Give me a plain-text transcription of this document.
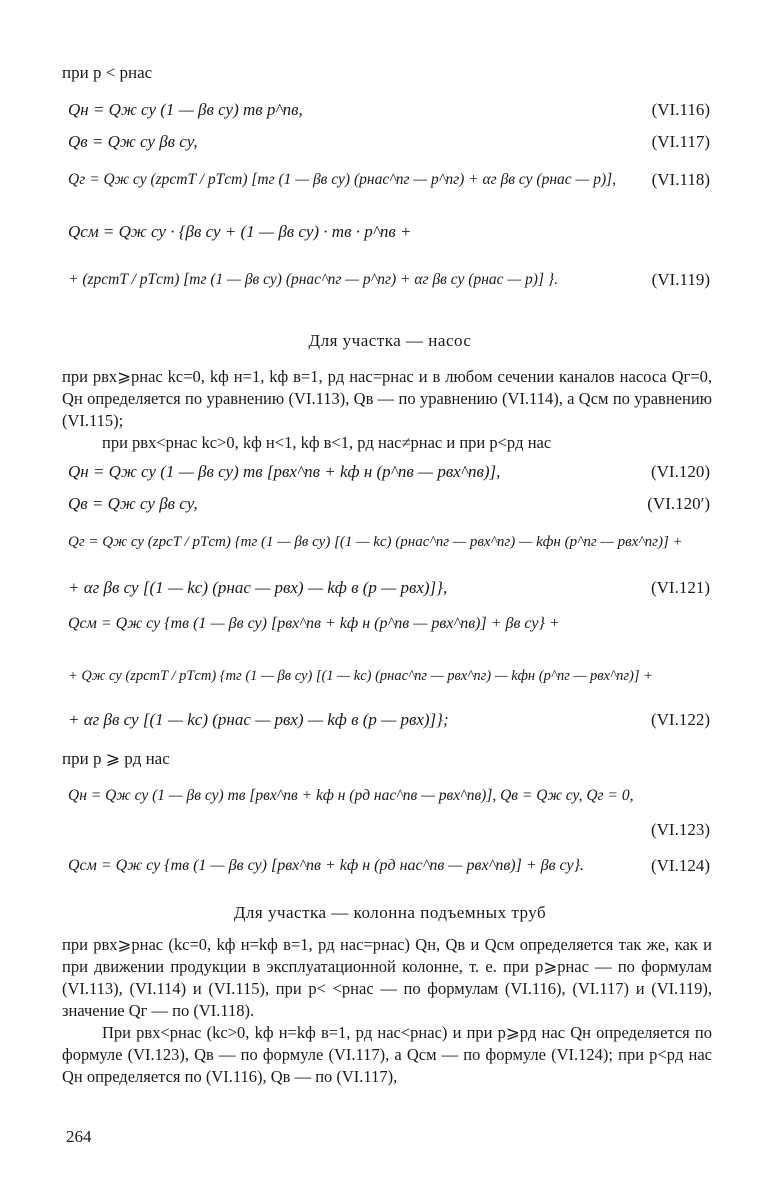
при p < pнас
Qн = Qж су (1 — βв су) mв p^nв,	(VI.116)
Qв = Qж су βв су,	(VI.117)
Qг = Qж су (zpстT / pTст) [mг (1 — βв су) (pнас^nг — p^nг) + αг βв су (pнас — p)], (VI.118)
Qсм = Qж су · {βв су + (1 — βв су) · mв · p^nв +
+ (zpстT / pTст) [mг (1 — βв су) (pнас^nг — p^nг) + αг βв су (pнас — p)] }.	(VI.119)
Для участка — насос
при pвх⩾pнас kс=0, kф н=1, kф в=1, pд нас=pнас и в любом сечении каналов насоса Qг=0, Qн определяется по уравнению (VI.113), Qв — по уравнению (VI.114), а Qсм по уравнению (VI.115);
при pвх<pнас kс>0, kф н<1, kф в<1, pд нас≠pнас и при p<pд нас
Qн = Qж су (1 — βв су) mв [pвх^nв + kф н (p^nв — pвх^nв)],	(VI.120)
Qв = Qж су βв су,	(VI.120′)
Qг = Qж су (zpcT / pTст) {mг (1 — βв су) [(1 — kс) (pнас^nг — pвх^nг) — kфн (p^nг — pвх^nг)] +
+ αг βв су [(1 — kс) (pнас — pвх) — kф в (p — pвх)]},	(VI.121)
Qсм = Qж су {mв (1 — βв су) [pвх^nв + kф н (p^nв — pвх^nв)] + βв су} +
+ Qж су (zpстT / pTст) {mг (1 — βв су) [(1 — kс) (pнас^nг — pвх^nг) — kфн (p^nг — pвх^nг)] +
+ αг βв су [(1 — kс) (pнас — pвх) — kф в (p — pвх)]};	(VI.122)
при p ⩾ pд нас
Qн = Qж су (1 — βв су) mв [pвх^nв + kф н (pд нас^nв — pвх^nв)], Qв = Qж су, Qг = 0,
(VI.123)
Qсм = Qж су {mв (1 — βв су) [pвх^nв + kф н (pд нас^nв — pвх^nв)] + βв су}.	(VI.124)
Для участка — колонна подъемных труб
при pвх⩾pнас (kс=0, kф н=kф в=1, pд нас=pнас) Qн, Qв и Qсм определяется так же, как и при движении продукции в эксплуатационной колонне, т. е. при p⩾pнас — по формулам (VI.113), (VI.114) и (VI.115), при p< <pнас — по формулам (VI.116), (VI.117) и (VI.119), значение Qг — по (VI.118).
При pвх<pнас (kс>0, kф н=kф в=1, pд нас<pнас) и при p⩾pд нас Qн определяется по формуле (VI.123), Qв — по формуле (VI.117), а Qсм — по формуле (VI.124); при p<pд нас Qн определяется по (VI.116), Qв — по (VI.117),
264
